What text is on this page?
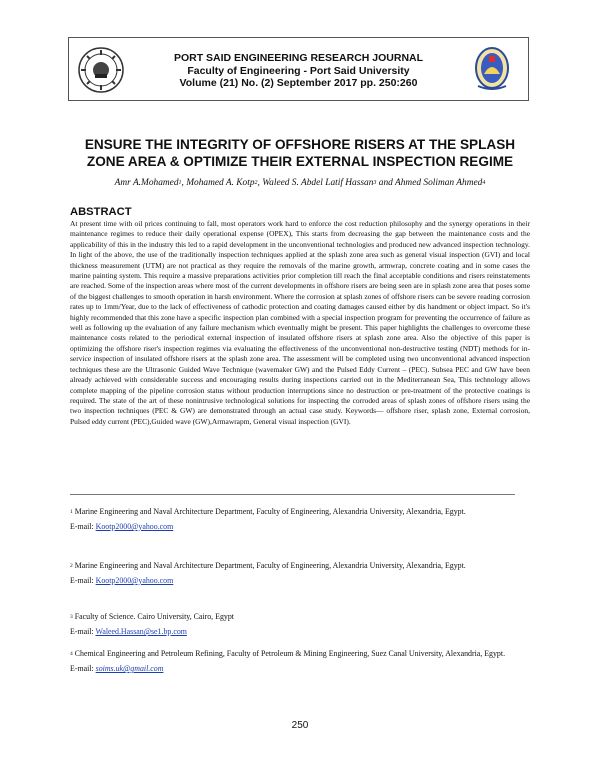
PORT SAID ENGINEERING RESEARCH JOURNAL
Faculty of Engineering - Port Said University
Volume (21) No. (2) September 2017 pp. 250:260
ENSURE THE INTEGRITY OF OFFSHORE RISERS AT THE SPLASH
ZONE AREA & OPTIMIZE THEIR EXTERNAL INSPECTION REGIME
Amr A.Mohamed$^1$, Mohamed A. Kotp$^2$, Waleed S. Abdel Latif Hassan$^3$ and Ahmed Soliman Ahmed$^4$
ABSTRACT

At present time with oil prices continuing to fall, most operators work hard to enforce the cost reduction philosophy and the synergy operations in their maintenance regimes to reduce their daily operational expense (OPEX), This starts from decreasing the gap between the maintenance costs and the applicability of this in the industry this led to a rapid development in the unconventional technologies and produced new advanced inspection technology. In light of the above, the use of the traditionally inspection techniques applied at the splash zone area such as general visual inspection (GVI) and local thickness measurement (UTM) are not practical as they require the removals of the marine growth, armwrap, concrete coating and in some cases the marine painting system. This require a massive preparations activities prior completion till reach the final acceptable conditions and risers reinstatements are reached. Some of the inspection areas where most of the current developments in offshore risers are being seen are in splash zone area that poses some of the biggest challenges to smooth operation in harsh environment. Where the corrosion at splash zones of offshore risers can be severe reading corrosion rates up to 1mm/Year, due to the lack of effectiveness of cathodic protection and coating damages caused either by dis handment or object impact. So it's highly recommended that this zone have a specific inspection plan combined with a special inspection program for preventing the occurrence of failure as well as following up the evaluation of any failure mechanism which eventually might be present. This paper highlights the challenges to overcome these maintenance costs related to the periodical external inspection of insulated offshore risers at splash zone area. Also the objective of this paper is optimizing the offshore riser's inspection regimes via evaluating the effectiveness of the unconventional non-destructive testing (NDT) methods for in-service inspection of insulated offshore risers at the splash zone area. The assessment will be completed using two unconventional advanced inspection techniques these are the Ultrasonic Guided Wave Technique (wavemaker GW) and the Pulsed Eddy Current – (PEC). Subsea PEC and GW have been already achieved with considerable success and encouraging results during inspections carried out in the Mediterranean Sea, This technology allows complete mapping of the pipeline corrosion status without production interruptions since no destruction or pre-treatment of the protective coatings is required. The state of the art of these nonintrusive technological solutions for inspecting the corroded areas of splash zones of offshore risers using the two inspection techniques (PEC & GW) are demonstrated through an actual case study. Keywords— offshore riser, splash zone, External corrosion, Pulsed eddy current (PEC),Guided wave (GW),Armawrapm, General visual inspection (GVI).

$^1$ Marine Engineering and Naval Architecture Department, Faculty of Engineering, Alexandria University, Alexandria, Egypt.
E-mail: Kootp2000@yahoo.com
$^2$ Marine Engineering and Naval Architecture Department, Faculty of Engineering, Alexandria University, Alexandria, Egypt.
E-mail: Kootp2000@yahoo.com
$^3$ Faculty of Science. Cairo University, Cairo, Egypt
E-mail: Waleed.Hassan@se1.bp.com
$^4$ Chemical Engineering and Petroleum Refining, Faculty of Petroleum & Mining Engineering, Suez Canal University, Alexandria, Egypt.
E-mail: soims.uk@gmail.com
250
